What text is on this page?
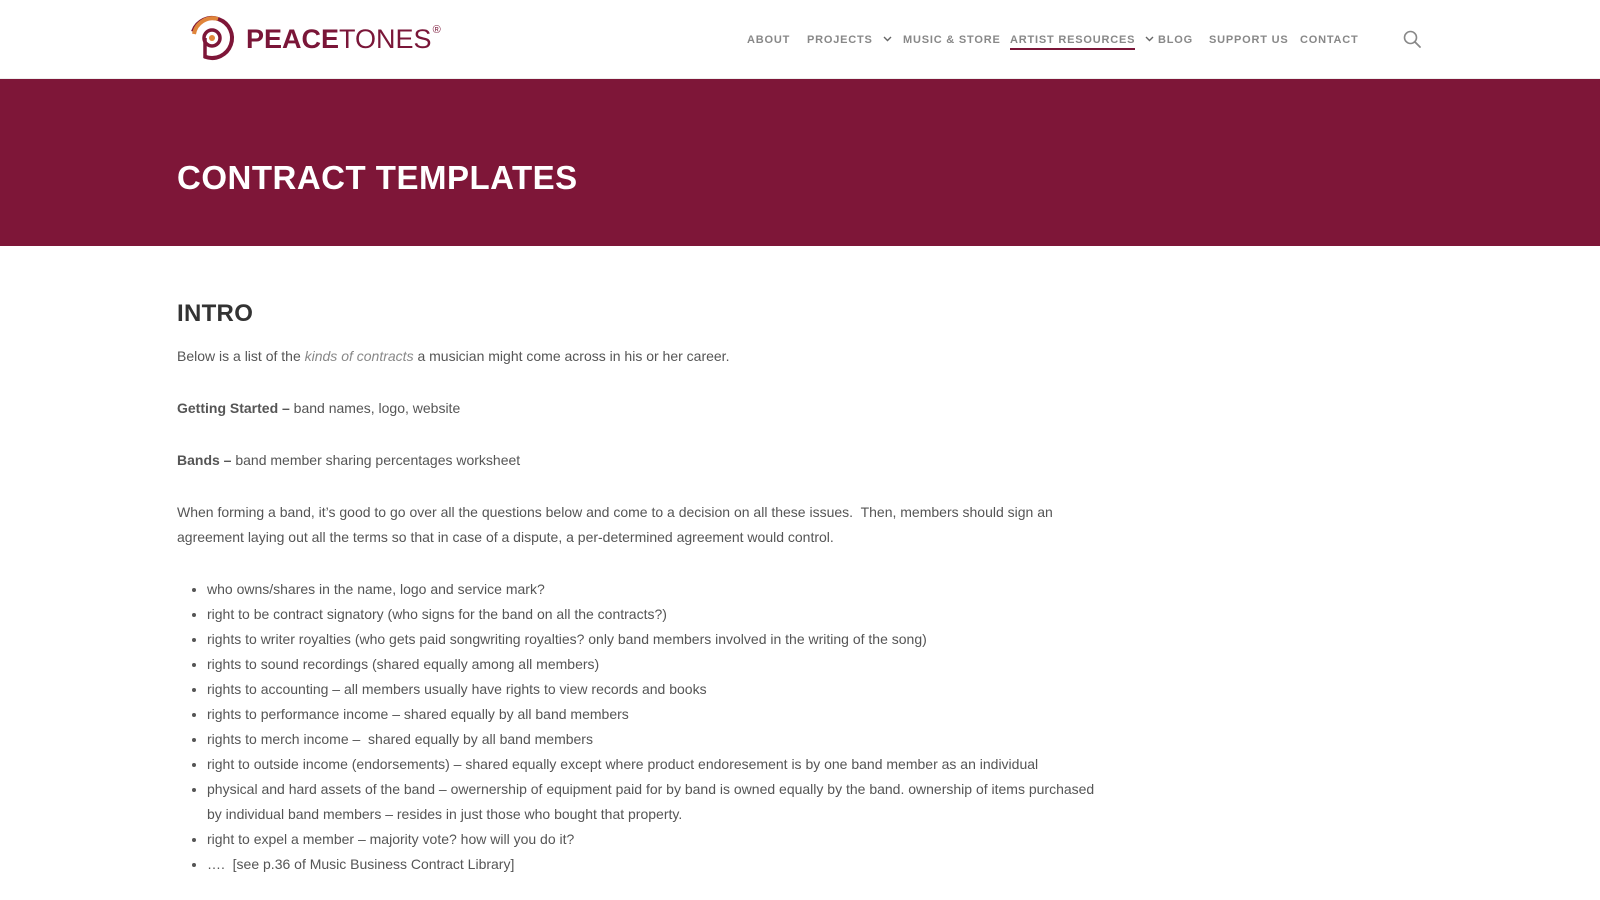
PEACE TONES ®
ABOUT PROJECTS	MUSIC & STORE ARTIST RESOURCES BLOG SUPPORT US CONTACT
CONTRACT TEMPLATES
INTRO

Below is a list of the kinds of contracts a musician might come across in his or her career.

Getting Started – band names, logo, website

Bands – band member sharing percentages worksheet

When forming a band, it’s good to go over all the questions below and come to a decision on all these issues.  Then, members should sign an agreement laying out all the terms so that in case of a dispute, a per-determined agreement would control.

• who owns/shares in the name, logo and service mark?
• right to be contract signatory (who signs for the band on all the contracts?)
• rights to writer royalties (who gets paid songwriting royalties? only band members involved in the writing of the song)
• rights to sound recordings (shared equally among all members)
• rights to accounting – all members usually have rights to view records and books
• rights to performance income – shared equally by all band members
• rights to merch income –  shared equally by all band members
• right to outside income (endorsements) – shared equally except where product endoresement is by one band member as an individual
• physical and hard assets of the band – owernership of equipment paid for by band is owned equally by the band. ownership of items purchased by individual band members – resides in just those who bought that property.
• right to expel a member – majority vote? how will you do it?
• ….  [see p.36 of Music Business Contract Library]
